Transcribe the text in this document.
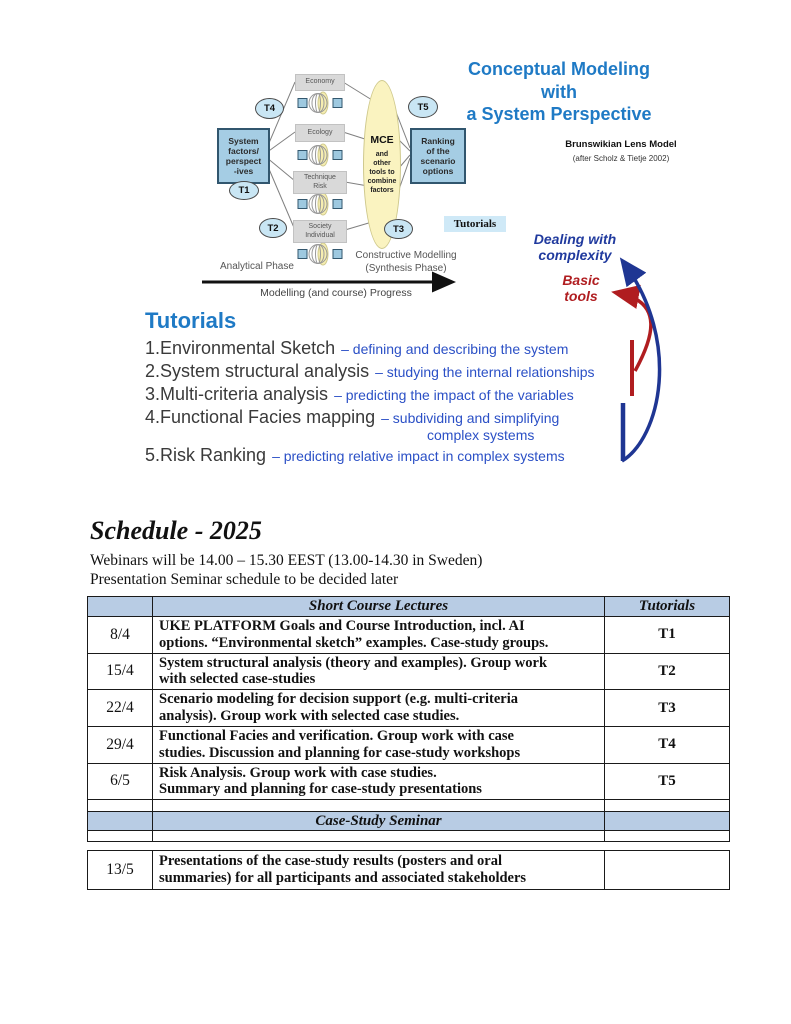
Conceptual Modeling with
a System Perspective
Brunswikian Lens Model
(after Scholz & Tietje 2002)
System
factors/
perspect
-ives
Ranking
of the
scenario
options
Economy
Ecology
Technique
Risk
Society
Individual
MCE
and
other
tools to
combine
factors
T4
T1
T2
T5
T3	Tutorials
Dealing with
complexity
Basic
tools
Analytical Phase
Constructive Modelling
(Synthesis Phase)
Modelling (and course) Progress
Tutorials
1.Environmental Sketch – defining and describing the system
2.System structural analysis – studying the internal relationships
3.Multi-criteria analysis – predicting the impact of the variables
4.Functional Facies mapping – subdividing and simplifying
complex systems
5.Risk Ranking – predicting relative impact in complex systems
Schedule - 2025

Webinars will be 14.00 – 15.30 EEST (13.00-14.30 in Sweden)

Presentation Seminar schedule to be decided later

	Short Course Lectures	Tutorials
8/4	UKE PLATFORM Goals and Course Introduction, incl. AI
options. “Environmental sketch” examples. Case-study groups.	T1
15/4	System structural analysis (theory and examples). Group work
with selected case-studies	T2
22/4	Scenario modeling for decision support (e.g. multi-criteria
analysis). Group work with selected case studies.	T3
29/4	Functional Facies and verification. Group work with case
studies. Discussion and planning for case-study workshops	T4
6/5	Risk Analysis. Group work with case studies.
Summary and planning for case-study presentations	T5

	Case-Study Seminar	

13/5	Presentations of the case-study results (posters and oral
summaries) for all participants and associated stakeholders
